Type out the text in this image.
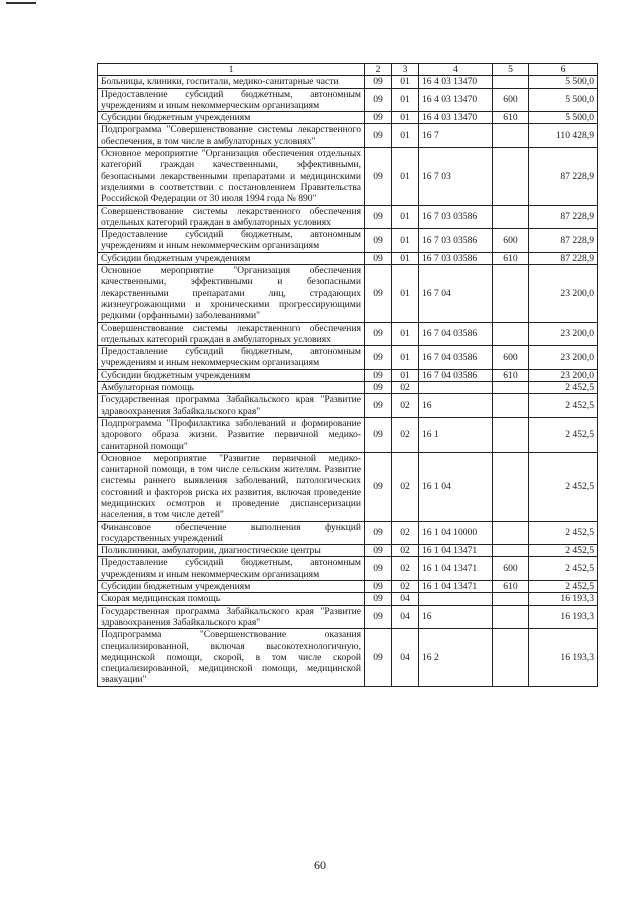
1	2	3	4	5	6
Больницы, клиники, госпитали, медико-санитарные части	09	01	16 4 03 13470		5 500,0
Предоставление субсидий бюджетным, автономным учреждениям и иным некоммерческим организациям	09	01	16 4 03 13470	600	5 500,0
Субсидии бюджетным учреждениям	09	01	16 4 03 13470	610	5 500,0
Подпрограмма "Совершенствование системы лекарственного обеспечения, в том числе в амбулаторных условиях"	09	01	16 7		110 428,9
Основное мероприятие "Организация обеспечения отдельных категорий граждан качественными, эффективными, безопасными лекарственными препаратами и медицинскими изделиями в соответствии с постановлением Правительства Российской Федерации от 30 июля 1994 года № 890"	09	01	16 7 03		87 228,9
Совершенствование системы лекарственного обеспечения отдельных категорий граждан в амбулаторных условиях	09	01	16 7 03 03586		87 228,9
Предоставление субсидий бюджетным, автономным учреждениям и иным некоммерческим организациям	09	01	16 7 03 03586	600	87 228,9
Субсидии бюджетным учреждениям	09	01	16 7 03 03586	610	87 228,9
Основное мероприятие "Организация обеспечения качественными, эффективными и безопасными лекарственными препаратами лиц, страдающих жизнеугрожающими и хроническими прогрессирующими редкими (орфанными) заболеваниями"	09	01	16 7 04		23 200,0
Совершенствование системы лекарственного обеспечения отдельных категорий граждан в амбулаторных условиях	09	01	16 7 04 03586		23 200,0
Предоставление субсидий бюджетным, автономным учреждениям и иным некоммерческим организациям	09	01	16 7 04 03586	600	23 200,0
Субсидии бюджетным учреждениям	09	01	16 7 04 03586	610	23 200,0
Амбулаторная помощь	09	02			2 452,5
Государственная программа Забайкальского края "Развитие здравоохранения Забайкальского края"	09	02	16		2 452,5
Подпрограмма "Профилактика заболеваний и формирование здорового образа жизни. Развитие первичной медико-санитарной помощи"	09	02	16 1		2 452,5
Основное мероприятие "Развитие первичной медико-санитарной помощи, в том числе сельским жителям. Развитие системы раннего выявления заболеваний, патологических состояний и факторов риска их развития, включая проведение медицинских осмотров и проведение диспансеризации населения, в том числе детей"	09	02	16 1 04		2 452,5
Финансовое обеспечение выполнения функций государственных учреждений	09	02	16 1 04 10000		2 452,5
Поликлиники, амбулатории, диагностические центры	09	02	16 1 04 13471		2 452,5
Предоставление субсидий бюджетным, автономным учреждениям и иным некоммерческим организациям	09	02	16 1 04 13471	600	2 452,5
Субсидии бюджетным учреждениям	09	02	16 1 04 13471	610	2 452,5
Скорая медицинская помощь	09	04			16 193,3
Государственная программа Забайкальского края "Развитие здравоохранения Забайкальского края"	09	04	16		16 193,3
Подпрограмма "Совершенствование оказания специализированной, включая высокотехнологичную, медицинской помощи, скорой, в том числе скорой специализированной, медицинской помощи, медицинской эвакуации"	09	04	16 2		16 193,3
60
